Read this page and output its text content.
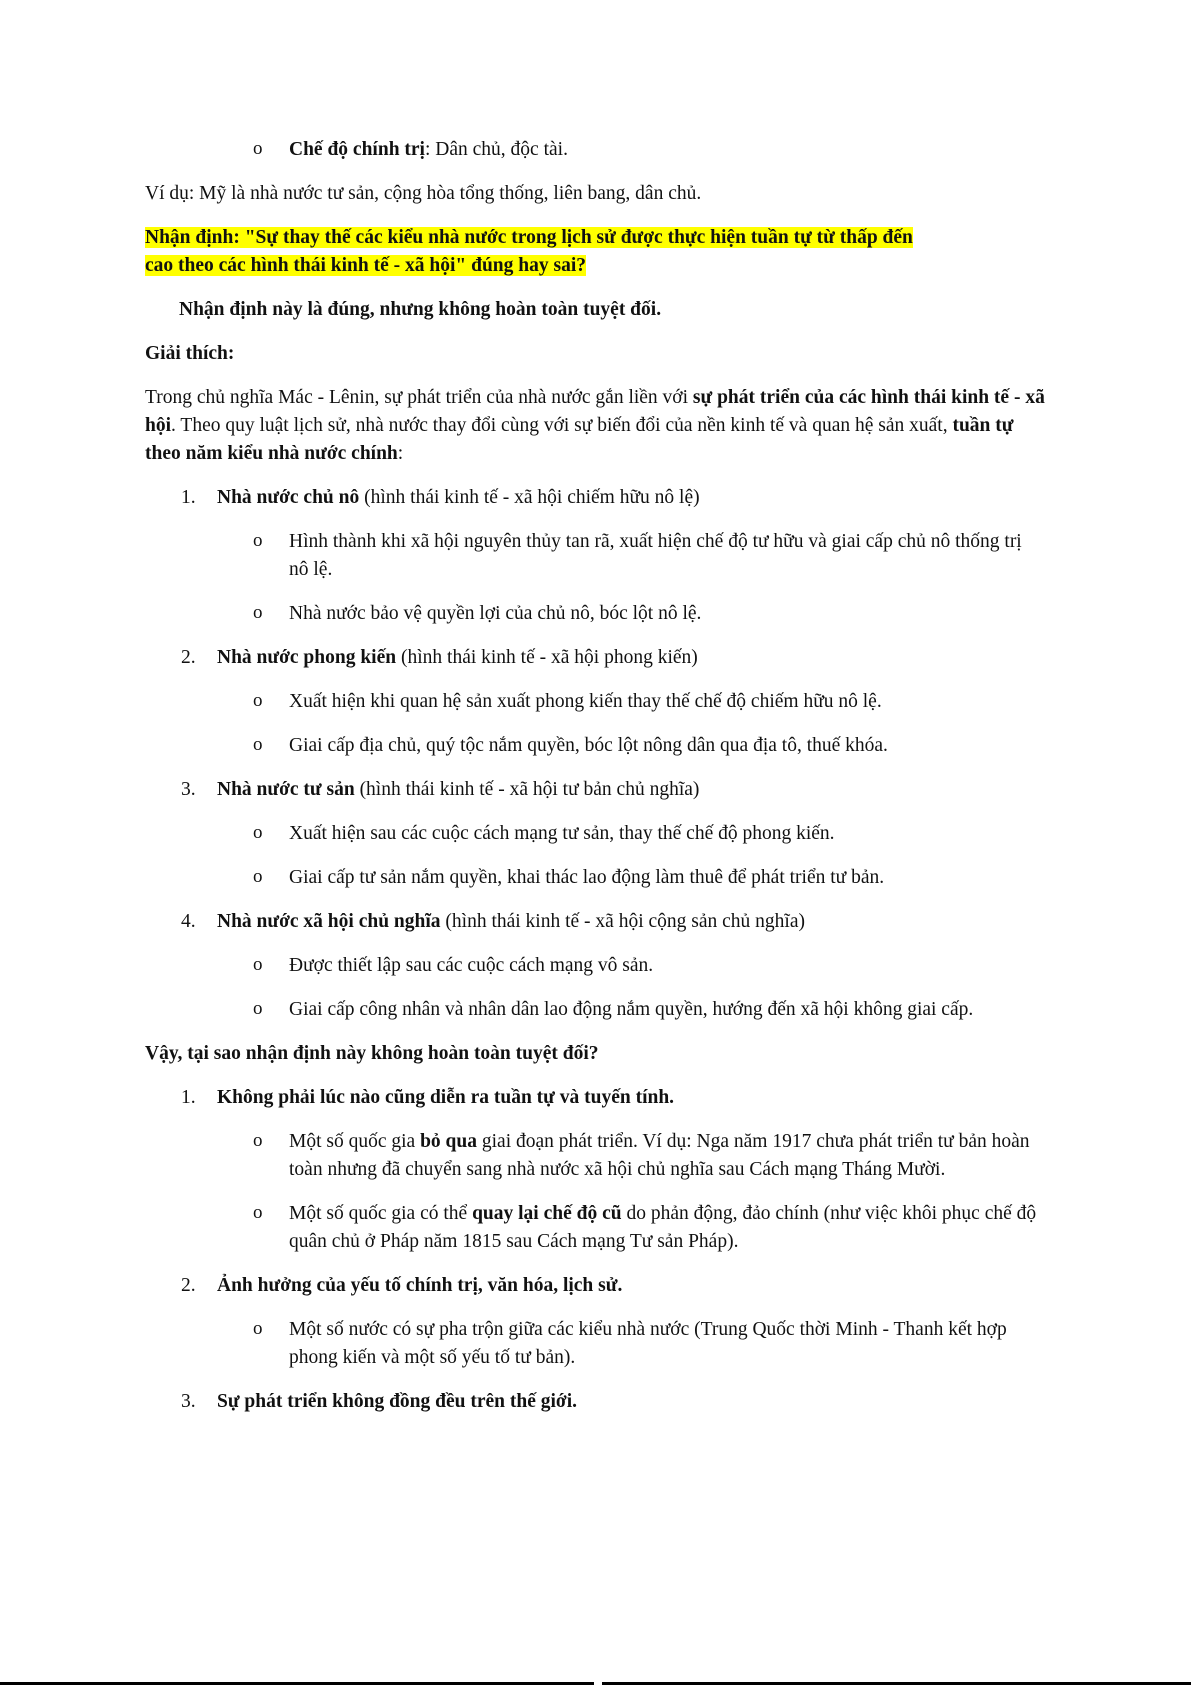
o Chế độ chính trị: Dân chủ, độc tài.

Ví dụ: Mỹ là nhà nước tư sản, cộng hòa tổng thống, liên bang, dân chủ.

Nhận định: "Sự thay thế các kiểu nhà nước trong lịch sử được thực hiện tuần tự từ thấp đến
cao theo các hình thái kinh tế - xã hội" đúng hay sai?

Nhận định này là đúng, nhưng không hoàn toàn tuyệt đối.

Giải thích:

Trong chủ nghĩa Mác - Lênin, sự phát triển của nhà nước gắn liền với sự phát triển của các hình thái kinh tế - xã hội. Theo quy luật lịch sử, nhà nước thay đổi cùng với sự biến đổi của nền kinh tế và quan hệ sản xuất, tuần tự theo năm kiểu nhà nước chính:

1. Nhà nước chủ nô (hình thái kinh tế - xã hội chiếm hữu nô lệ)
o Hình thành khi xã hội nguyên thủy tan rã, xuất hiện chế độ tư hữu và giai cấp chủ nô thống trị nô lệ.
o Nhà nước bảo vệ quyền lợi của chủ nô, bóc lột nô lệ.
2. Nhà nước phong kiến (hình thái kinh tế - xã hội phong kiến)
o Xuất hiện khi quan hệ sản xuất phong kiến thay thế chế độ chiếm hữu nô lệ.
o Giai cấp địa chủ, quý tộc nắm quyền, bóc lột nông dân qua địa tô, thuế khóa.
3. Nhà nước tư sản (hình thái kinh tế - xã hội tư bản chủ nghĩa)
o Xuất hiện sau các cuộc cách mạng tư sản, thay thế chế độ phong kiến.
o Giai cấp tư sản nắm quyền, khai thác lao động làm thuê để phát triển tư bản.
4. Nhà nước xã hội chủ nghĩa (hình thái kinh tế - xã hội cộng sản chủ nghĩa)
o Được thiết lập sau các cuộc cách mạng vô sản.
o Giai cấp công nhân và nhân dân lao động nắm quyền, hướng đến xã hội không giai cấp.

Vậy, tại sao nhận định này không hoàn toàn tuyệt đối?

1. Không phải lúc nào cũng diễn ra tuần tự và tuyến tính.
o Một số quốc gia bỏ qua giai đoạn phát triển. Ví dụ: Nga năm 1917 chưa phát triển tư bản hoàn toàn nhưng đã chuyển sang nhà nước xã hội chủ nghĩa sau Cách mạng Tháng Mười.
o Một số quốc gia có thể quay lại chế độ cũ do phản động, đảo chính (như việc khôi phục chế độ quân chủ ở Pháp năm 1815 sau Cách mạng Tư sản Pháp).
2. Ảnh hưởng của yếu tố chính trị, văn hóa, lịch sử.
o Một số nước có sự pha trộn giữa các kiểu nhà nước (Trung Quốc thời Minh - Thanh kết hợp phong kiến và một số yếu tố tư bản).
3. Sự phát triển không đồng đều trên thế giới.
